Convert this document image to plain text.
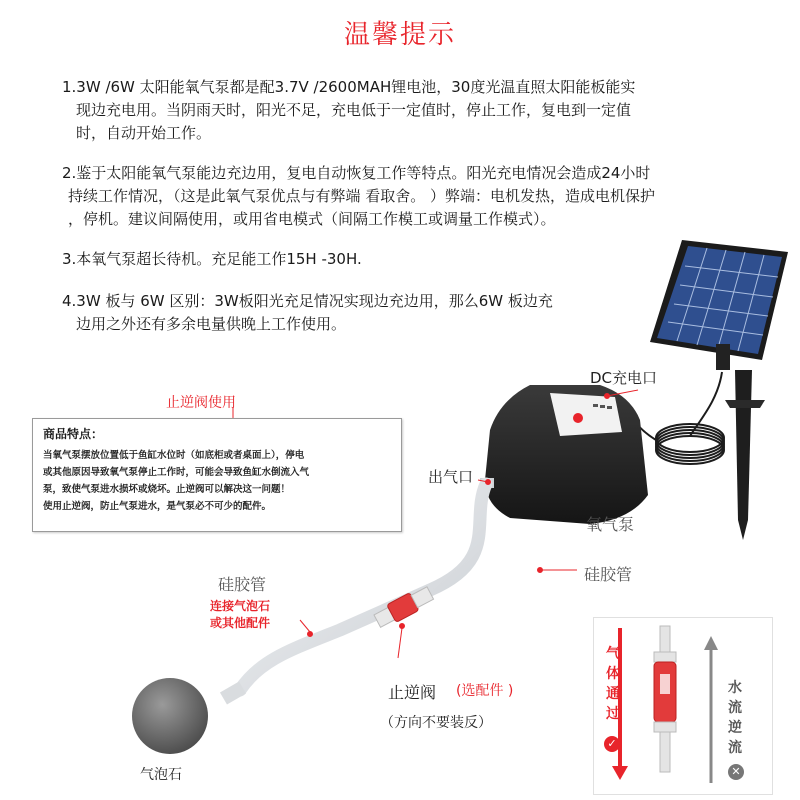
温馨提示
1.3W /6W 太阳能氧气泵都是配3.7V /2600MAH锂电池，30度光温直照太阳能板能实
现边充电用。当阴雨天时，阳光不足，充电低于一定值时，停止工作，复电到一定值
时，自动开始工作。
2.鉴于太阳能氧气泵能边充边用，复电自动恢复工作等特点。阳光充电情况会造成24小时
持续工作情况，（这是此氧气泵优点与有弊端 看取舍。 ）弊端：电机发热，造成电机保护
，停机。建议间隔使用，或用省电模式（间隔工作模工或调量工作模式）。
3.本氧气泵超长待机。充足能工作15H -30H.
4.3W 板与 6W 区别：3W板阳光充足情况实现边充边用，那么6W 板边充
边用之外还有多余电量供晚上工作使用。
DC充电口
止逆阀使用
出气口
氧气泵
硅胶管
硅胶管
连接气泡石
或其他配件
止逆阀 (选配件 )
（方向不要装反）
气泡石
商品特点：
当氧气泵摆放位置低于鱼缸水位时（如底柜或者桌面上），停电
或其他原因导致氧气泵停止工作时，可能会导致鱼缸水倒流入气
泵，致使气泵进水损坏或烧坏。止逆阀可以解决这一问题！
使用止逆阀，防止气泵进水，是气泵必不可少的配件。
气
体
通
过
✓
水
流
逆
流
✕
